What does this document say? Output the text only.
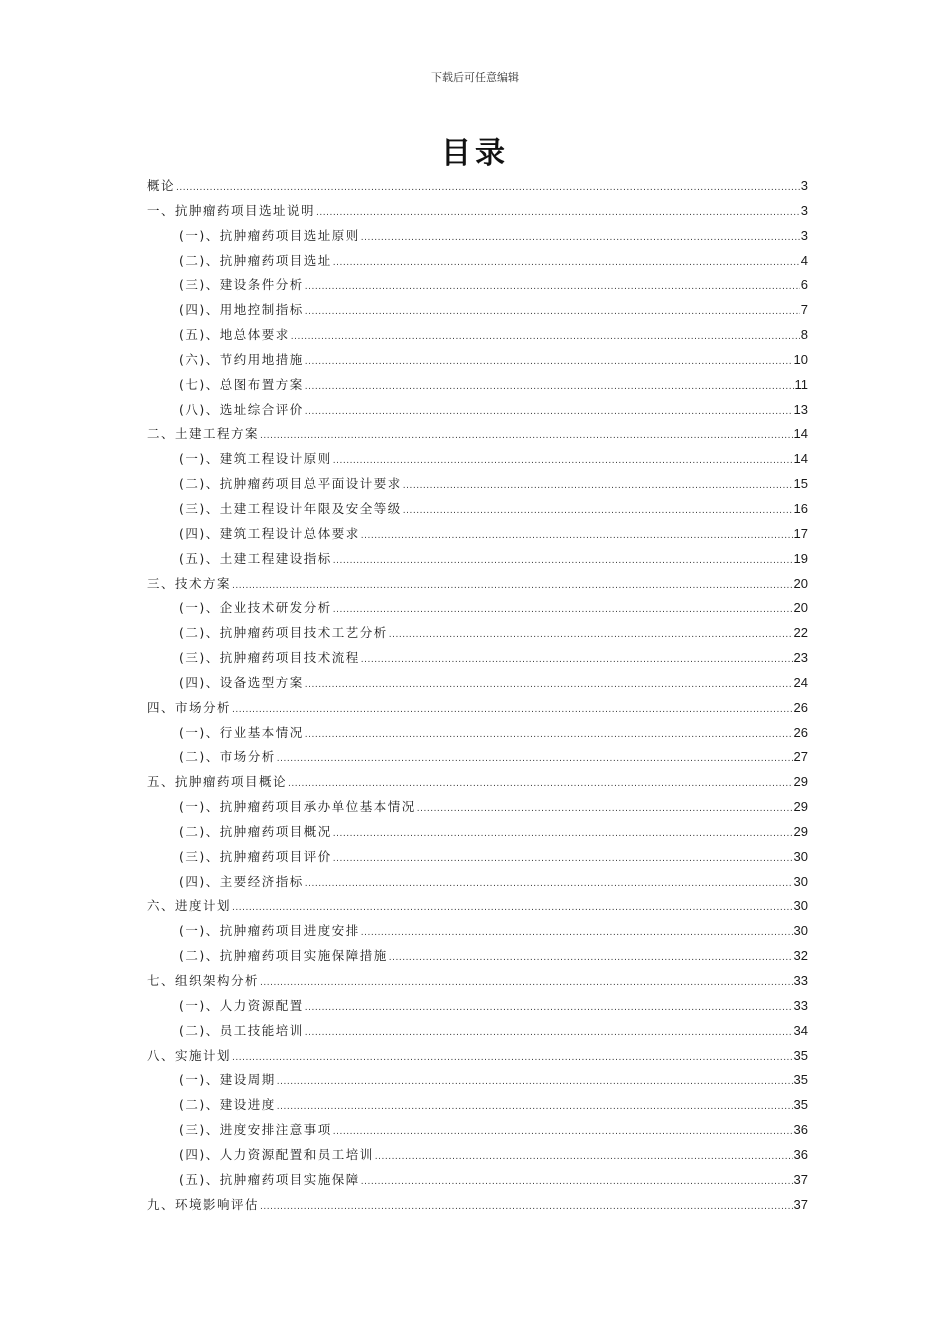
下载后可任意编辑
目录
概论 .....	3
一、抗肿瘤药项目选址说明 .....	3
(一)、抗肿瘤药项目选址原则 .....	3
(二)、抗肿瘤药项目选址 .....	4
(三)、建设条件分析 .....	6
(四)、用地控制指标 .....	7
(五)、地总体要求 .....	8
(六)、节约用地措施 .....	10
(七)、总图布置方案 .....	11
(八)、选址综合评价 .....	13
二、土建工程方案 .....	14
(一)、建筑工程设计原则 .....	14
(二)、抗肿瘤药项目总平面设计要求 .....	15
(三)、土建工程设计年限及安全等级 .....	16
(四)、建筑工程设计总体要求 .....	17
(五)、土建工程建设指标 .....	19
三、技术方案 .....	20
(一)、企业技术研发分析 .....	20
(二)、抗肿瘤药项目技术工艺分析 .....	22
(三)、抗肿瘤药项目技术流程 .....	23
(四)、设备选型方案 .....	24
四、市场分析 .....	26
(一)、行业基本情况 .....	26
(二)、市场分析 .....	27
五、抗肿瘤药项目概论 .....	29
(一)、抗肿瘤药项目承办单位基本情况 .....	29
(二)、抗肿瘤药项目概况 .....	29
(三)、抗肿瘤药项目评价 .....	30
(四)、主要经济指标 .....	30
六、进度计划 .....	30
(一)、抗肿瘤药项目进度安排 .....	30
(二)、抗肿瘤药项目实施保障措施 .....	32
七、组织架构分析 .....	33
(一)、人力资源配置 .....	33
(二)、员工技能培训 .....	34
八、实施计划 .....	35
(一)、建设周期 .....	35
(二)、建设进度 .....	35
(三)、进度安排注意事项 .....	36
(四)、人力资源配置和员工培训 .....	36
(五)、抗肿瘤药项目实施保障 .....	37
九、环境影响评估 .....	37
